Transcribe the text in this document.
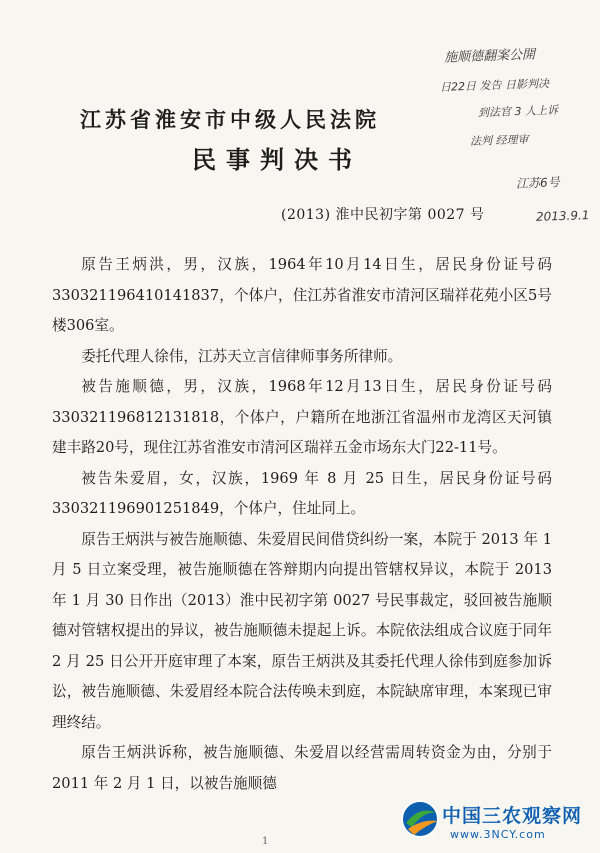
施顺德翻案公開
日22日 发告 日影判决
到法官 3 人上诉
法判 经理审
江苏6号
2013.9.1
江苏省淮安市中级人民法院
民事判决书
(2013) 淮中民初字第 0027 号

原告王炳洪，男，汉族，1964年10月14日生，居民身份证号码330321196410141837，个体户，住江苏省淮安市清河区瑞祥花苑小区5号楼306室。

委托代理人徐伟，江苏天立言信律师事务所律师。

被告施顺德，男，汉族，1968年12月13日生，居民身份证号码330321196812131818，个体户，户籍所在地浙江省温州市龙湾区天河镇建丰路20号，现住江苏省淮安市清河区瑞祥五金市场东大门22-11号。

被告朱爱眉，女，汉族，1969 年 8 月 25 日生，居民身份证号码 330321196901251849，个体户，住址同上。

原告王炳洪与被告施顺德、朱爱眉民间借贷纠纷一案，本院于 2013 年 1 月 5 日立案受理，被告施顺德在答辩期内向提出管辖权异议，本院于 2013 年 1 月 30 日作出（2013）淮中民初字第 0027 号民事裁定，驳回被告施顺德对管辖权提出的异议，被告施顺德未提起上诉。本院依法组成合议庭于同年 2 月 25 日公开开庭审理了本案，原告王炳洪及其委托代理人徐伟到庭参加诉讼，被告施顺德、朱爱眉经本院合法传唤未到庭，本院缺席审理，本案现已审理终结。

原告王炳洪诉称，被告施顺德、朱爱眉以经营需周转资金为由，分别于 2011 年 2 月 1 日，以被告施顺德

1
中国三农观察网
www.3NCY.com
